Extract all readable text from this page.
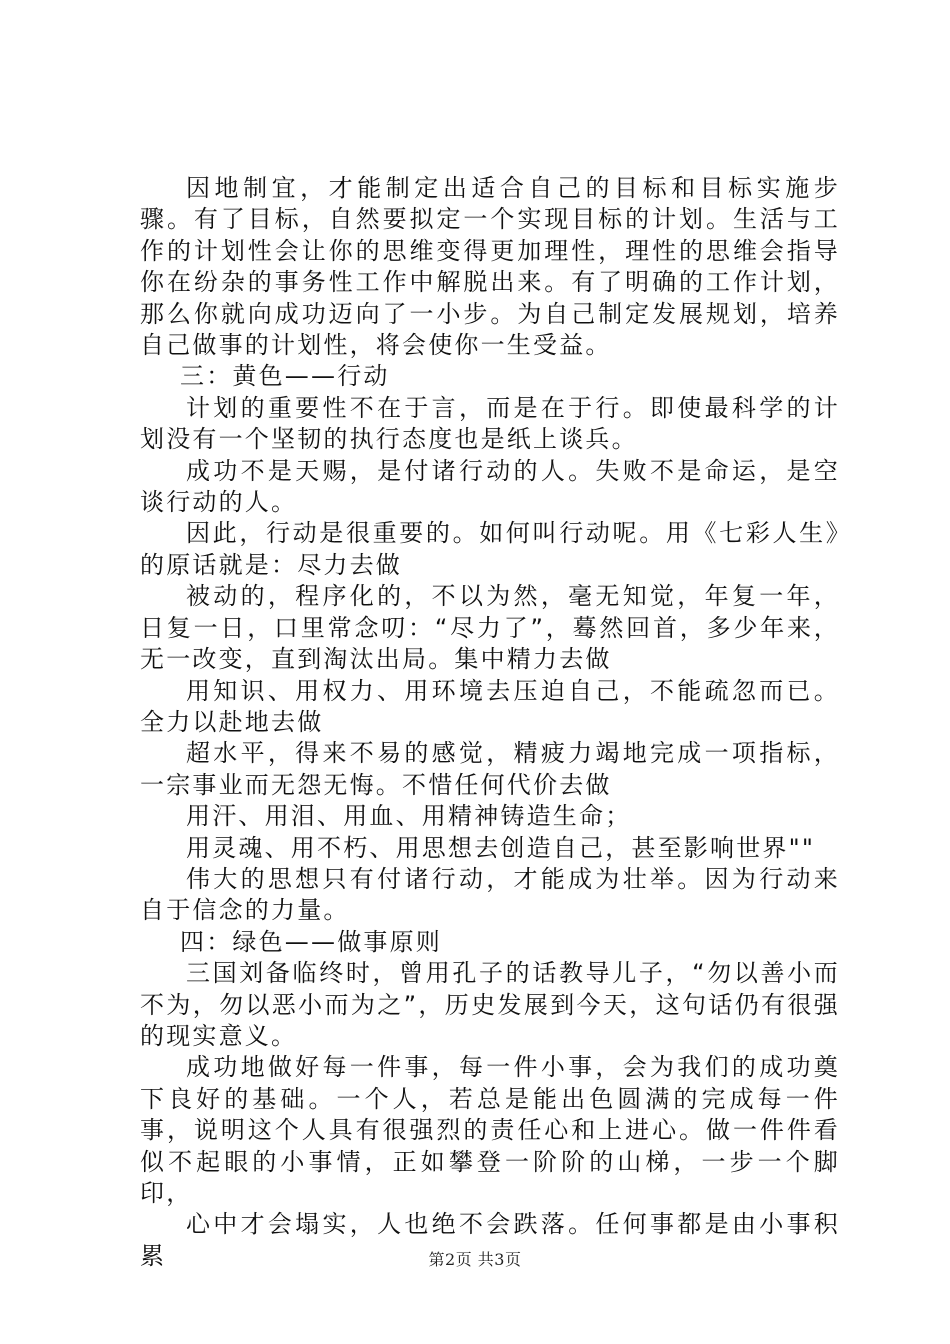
因地制宜，才能制定出适合自己的目标和目标实施步骤。有了目标，自然要拟定一个实现目标的计划。生活与工作的计划性会让你的思维变得更加理性，理性的思维会指导你在纷杂的事务性工作中解脱出来。有了明确的工作计划，那么你就向成功迈向了一小步。为自己制定发展规划，培养自己做事的计划性，将会使你一生受益。

三：黄色——行动

计划的重要性不在于言，而是在于行。即使最科学的计划没有一个坚韧的执行态度也是纸上谈兵。

成功不是天赐，是付诸行动的人。失败不是命运，是空谈行动的人。

因此，行动是很重要的。如何叫行动呢。用《七彩人生》的原话就是：尽力去做

被动的，程序化的，不以为然，毫无知觉，年复一年，日复一日，口里常念叨：“尽力了”，蓦然回首，多少年来，无一改变，直到淘汰出局。集中精力去做

用知识、用权力、用环境去压迫自己，不能疏忽而已。全力以赴地去做

超水平，得来不易的感觉，精疲力竭地完成一项指标，一宗事业而无怨无悔。不惜任何代价去做

用汗、用泪、用血、用精神铸造生命；

用灵魂、用不朽、用思想去创造自己，甚至影响世界""

伟大的思想只有付诸行动，才能成为壮举。因为行动来自于信念的力量。

四：绿色——做事原则

三国刘备临终时，曾用孔子的话教导儿子，“勿以善小而不为，勿以恶小而为之”，历史发展到今天，这句话仍有很强的现实意义。

成功地做好每一件事，每一件小事，会为我们的成功奠下良好的基础。一个人，若总是能出色圆满的完成每一件事，说明这个人具有很强烈的责任心和上进心。做一件件看似不起眼的小事情，正如攀登一阶阶的山梯，一步一个脚印，

心中才会塌实，人也绝不会跌落。任何事都是由小事积累	第2页 共3页
